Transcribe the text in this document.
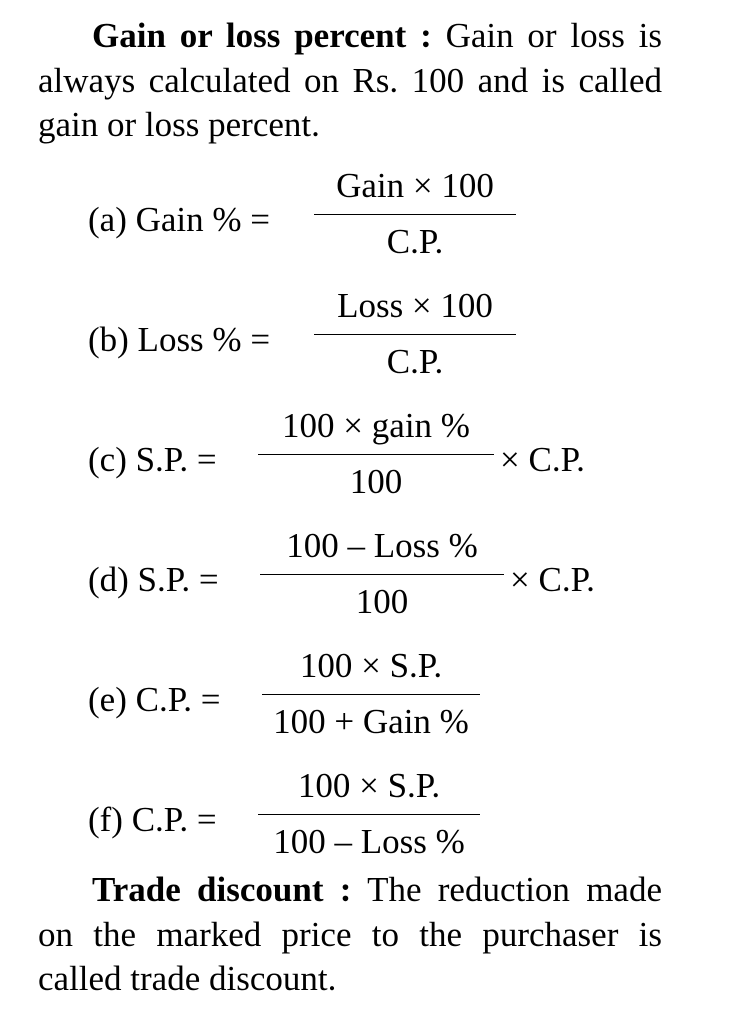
Gain or loss percent : Gain or loss is always calculated on Rs. 100 and is called gain or loss percent.

(a) Gain % =
Gain × 100
C.P.
(b) Loss % =
Loss × 100
C.P.
(c) S.P. =
100 × gain %
100
× C.P.
(d) S.P. =
100 – Loss %
100
× C.P.
(e) C.P. =
100 × S.P.
100 + Gain %
(f) C.P. =
100 × S.P.
100 – Loss %

Trade discount : The reduction made on the marked price to the purchaser is called trade discount.
